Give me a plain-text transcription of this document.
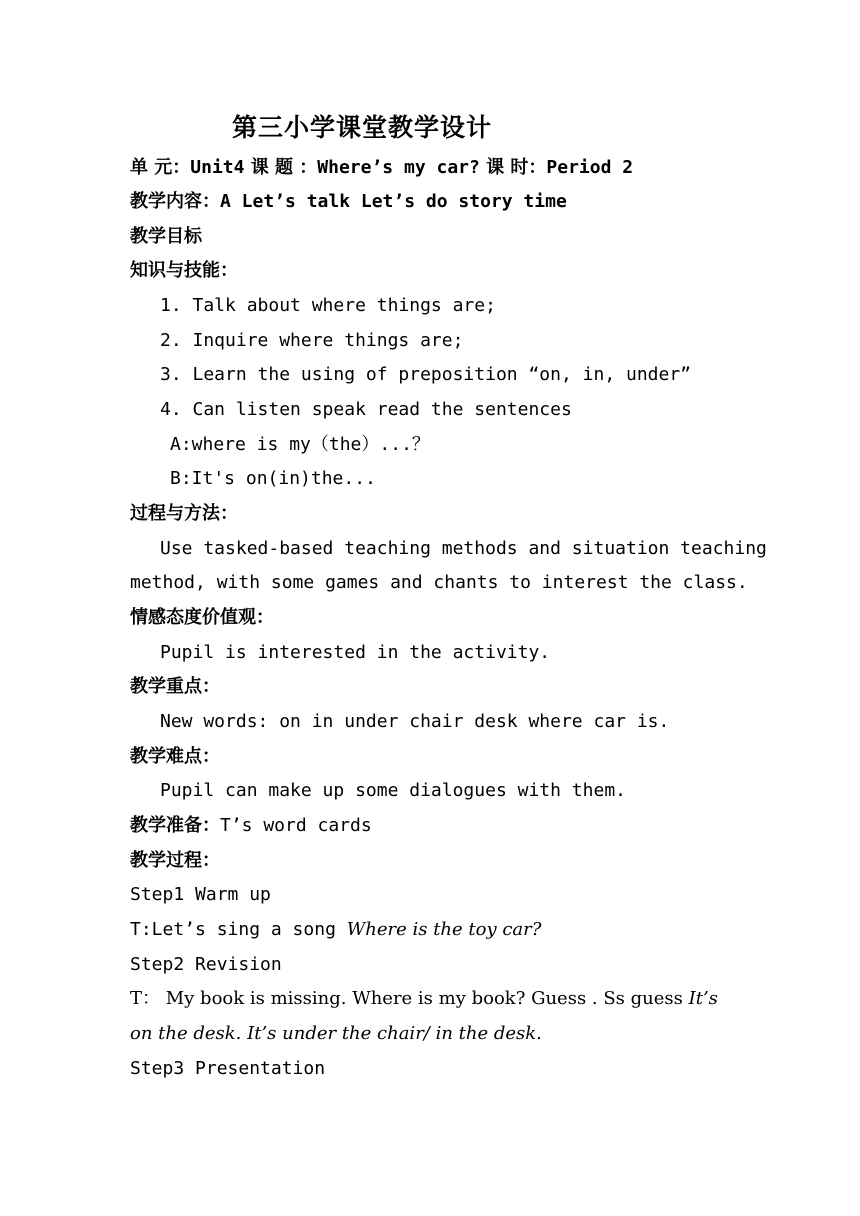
第三小学课堂教学设计
单 元：Unit4 课 题 ：Where’s my car? 课 时：Period 2
教学内容：A Let’s talk Let’s do story time
教学目标
知识与技能：
1. Talk about where things are;
2. Inquire where things are;
3. Learn the using of preposition “on, in, under”
4. Can listen speak read the sentences
A:where is my（the）...？
B:It's on(in)the...
过程与方法：
Use tasked-based teaching methods and situation teaching
method, with some games and chants to interest the class.
情感态度价值观：
Pupil is interested in the activity.
教学重点：
New words: on in under chair desk where car is.
教学难点：
Pupil can make up some dialogues with them.
教学准备：T’s word cards
教学过程：
Step1 Warm up
T:Let’s sing a song Where is the toy car?
Step2 Revision
T： My book is missing. Where is my book? Guess . Ss guess It’s
on the desk. It’s under the chair/ in the desk.
Step3 Presentation
